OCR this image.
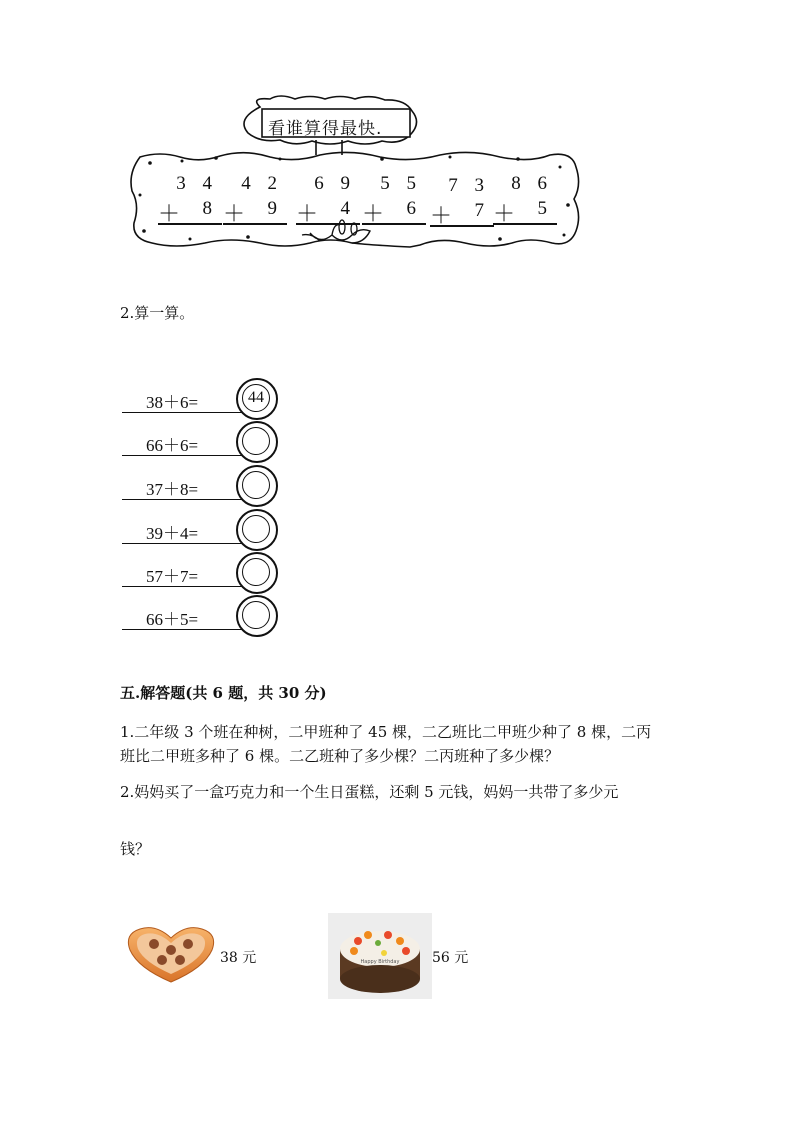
看谁算得最快.
3 4
＋ 8
4 2
＋ 9
6 9
＋ 4
5 5
＋ 6
7 3
＋ 7
8 6
＋ 5
2.算一算。
38＋6=	44
66＋6=
37＋8=
39＋4=
57＋7=
66＋5=
五.解答题(共 6 题，共 30 分)
1.二年级 3 个班在种树，二甲班种了 45 棵，二乙班比二甲班少种了 8 棵，二丙
班比二甲班多种了 6 棵。二乙班种了多少棵？二丙班种了多少棵？
2.妈妈买了一盒巧克力和一个生日蛋糕，还剩 5 元钱，妈妈一共带了多少元
钱？
38 元	Happy Birthday 56 元
